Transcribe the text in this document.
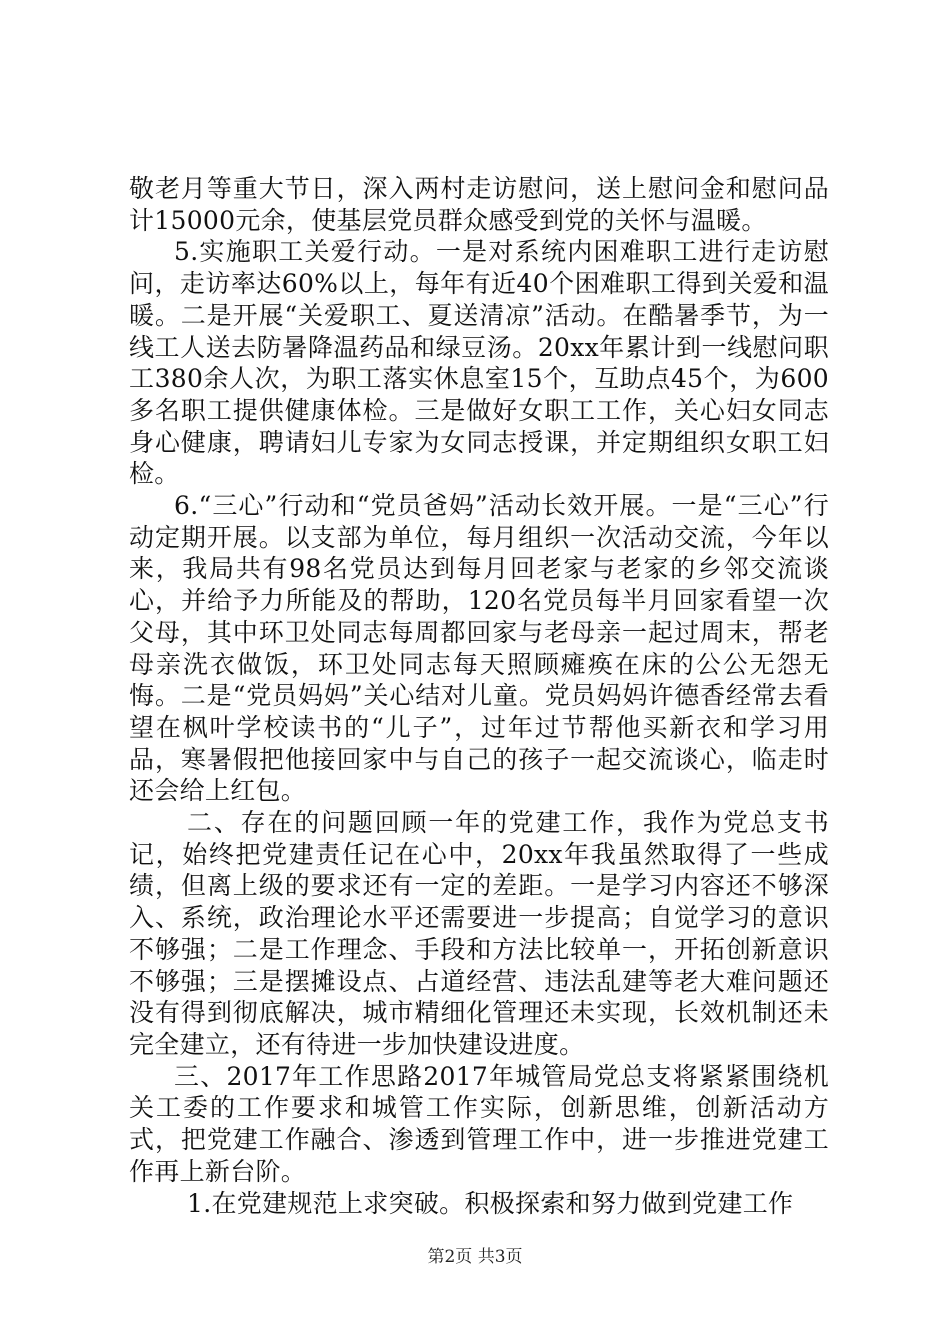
敬老月等重大节日，深入两村走访慰问，送上慰问金和慰问品计15000元余，使基层党员群众感受到党的关怀与温暖。

5.实施职工关爱行动。一是对系统内困难职工进行走访慰问，走访率达60%以上，每年有近40个困难职工得到关爱和温暖。二是开展“关爱职工、夏送清凉”活动。在酷暑季节，为一线工人送去防暑降温药品和绿豆汤。20xx年累计到一线慰问职工380余人次，为职工落实休息室15个，互助点45个，为600多名职工提供健康体检。三是做好女职工工作，关心妇女同志身心健康，聘请妇儿专家为女同志授课，并定期组织女职工妇检。

6.“三心”行动和“党员爸妈”活动长效开展。一是“三心”行动定期开展。以支部为单位，每月组织一次活动交流，今年以来，我局共有98名党员达到每月回老家与老家的乡邻交流谈心，并给予力所能及的帮助，120名党员每半月回家看望一次父母，其中环卫处同志每周都回家与老母亲一起过周末，帮老母亲洗衣做饭，环卫处同志每天照顾瘫痪在床的公公无怨无悔。二是“党员妈妈”关心结对儿童。党员妈妈许德香经常去看望在枫叶学校读书的“儿子”，过年过节帮他买新衣和学习用品，寒暑假把他接回家中与自己的孩子一起交流谈心，临走时还会给上红包。

二、存在的问题回顾一年的党建工作，我作为党总支书记，始终把党建责任记在心中，20xx年我虽然取得了一些成绩，但离上级的要求还有一定的差距。一是学习内容还不够深入、系统，政治理论水平还需要进一步提高；自觉学习的意识不够强；二是工作理念、手段和方法比较单一，开拓创新意识不够强；三是摆摊设点、占道经营、违法乱建等老大难问题还没有得到彻底解决，城市精细化管理还未实现，长效机制还未完全建立，还有待进一步加快建设进度。

三、2017年工作思路2017年城管局党总支将紧紧围绕机关工委的工作要求和城管工作实际，创新思维，创新活动方式，把党建工作融合、渗透到管理工作中，进一步推进党建工作再上新台阶。

1.在党建规范上求突破。积极探索和努力做到党建工作

第2页 共3页
